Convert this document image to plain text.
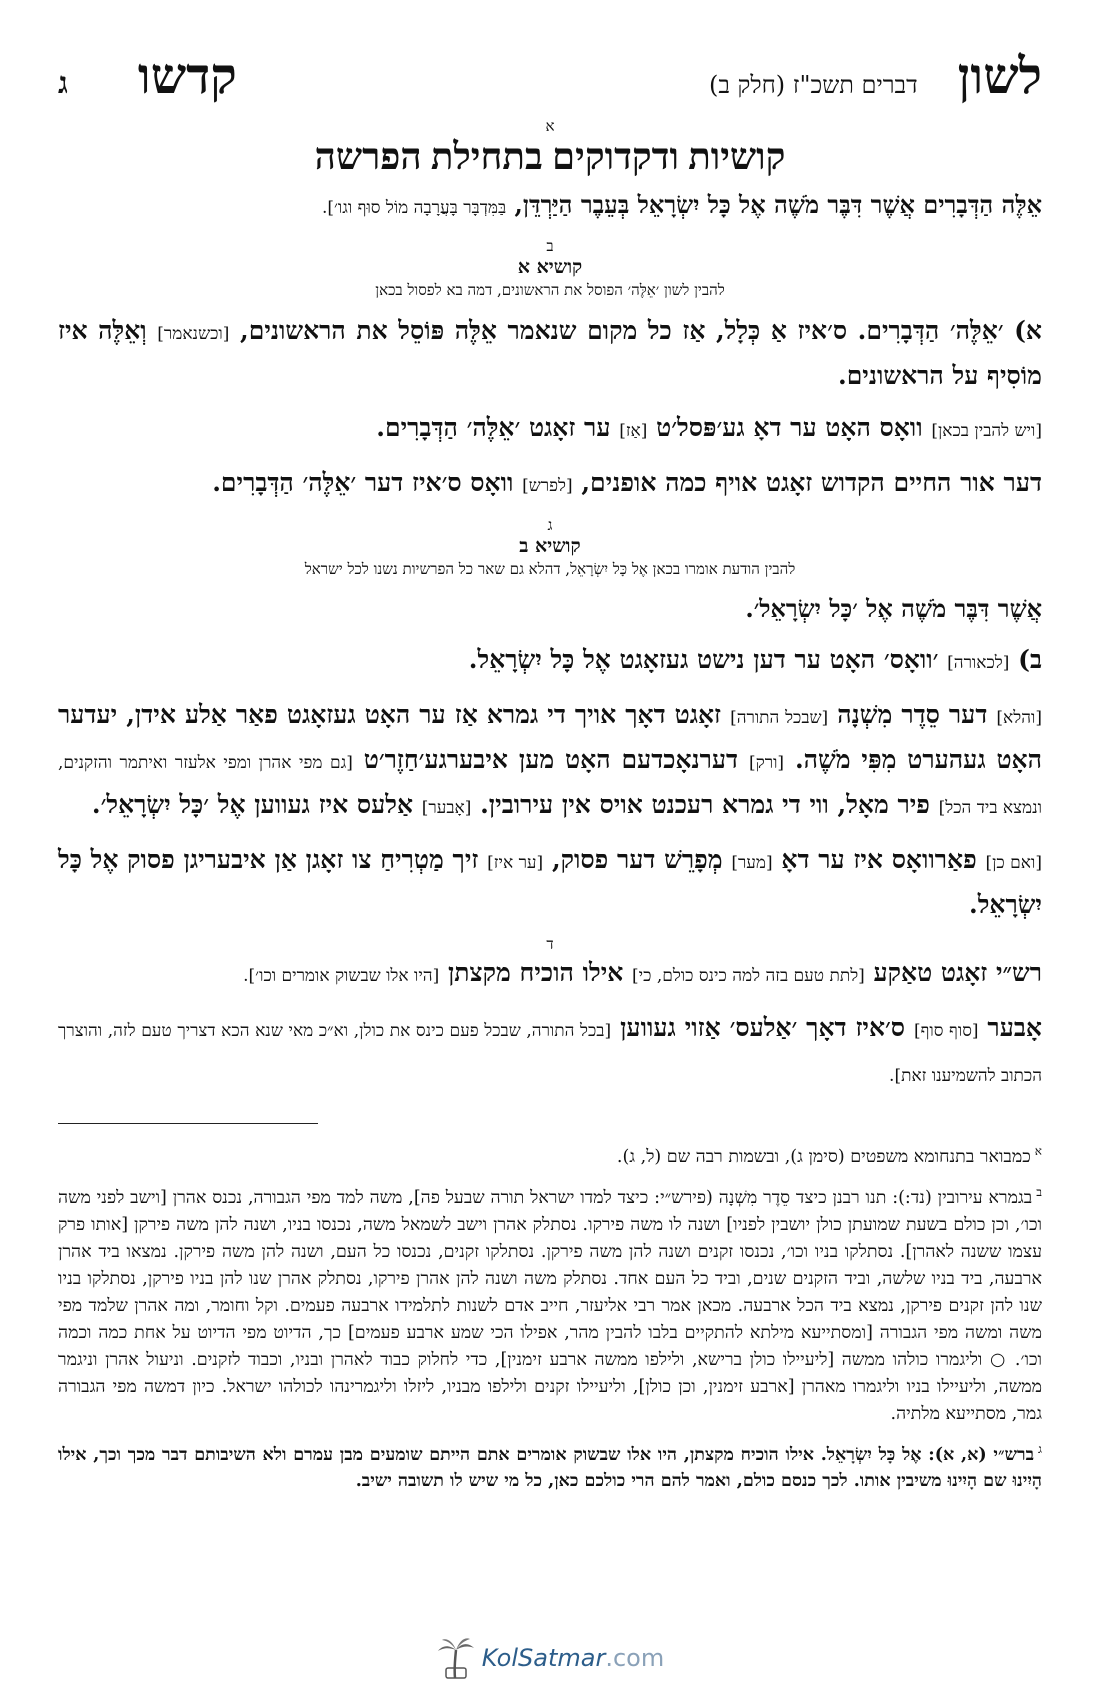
לשון
דברים תשכ"ז (חלק ב)
קדשו
ג
א
קושיות ודקדוקים בתחילת הפרשה

אֵלֶּה הַדְּבָרִים אֲשֶׁר דִּבֶּר מֹשֶׁה אֶל כָּל יִשְׂרָאֵל בְּעֵבֶר הַיַּרְדֵּן, בַּמִּדְבָּר בָּעֲרָבָה מוֹל סוּף וגו׳].

ב
קושיא א
להבין לשון ׳אֵלֶּה׳ הפוסל את הראשונים, דמה בא לפסול בכאן

א) ׳אֵלֶּה׳ הַדְּבָרִים. ס׳איז אַ כְּלָל, אַז כל מקום שנאמר אֵלֶּה פּוֹסֵל את הראשונים, [וכשנאמר] וְאֵלֶּה איז מוֹסִיף על הראשונים.

[ויש להבין בכאן] וואָס האָט ער דאָ גע׳פּסל׳ט [אַז] ער זאָגט ׳אֵלֶּה׳ הַדְּבָרִים.

דער אור החיים הקדוש זאָגט אויף כמה אופנים, [לפרש] וואָס ס׳איז דער ׳אֵלֶּה׳ הַדְּבָרִים.

ג
קושיא ב
להבין הודעת אומרו בכאן אֶל כָּל יִשְׂרָאֵל, דהלא גם שאר כל הפרשיות נשנו לכל ישראל

אֲשֶׁר דִּבֶּר מֹשֶׁה אֶל ׳כָּל יִשְׂרָאֵל׳.

ב) [לכאורה] ׳וואָס׳ האָט ער דען נישט געזאָגט אֶל כָּל יִשְׂרָאֵל.

[והלא] דער סֵדֶר מִשְׁנָה [שבכל התורה] זאָגט דאָך אויך די גמרא אַז ער האָט געזאָגט פאַר אַלע אידן, יעדער האָט געהערט מִפִּי מֹשֶׁה. [ורק] דערנאָכדעם האָט מען איבערגע׳חַזֶר׳ט [גם מפי אהרן ומפי אלעזר ואיתמר והזקנים, ונמצא ביד הכל] פיר מאָל, ווי די גמרא רעכנט אויס אין עירובין. [אָבער] אַלעס איז געווען אֶל ׳כָּל יִשְׂרָאֵל׳.

[ואם כן] פאַרוואָס איז ער דאָ [מער] מְפָרֵשׁ דער פסוק, [ער איז] זיך מַטְרִיחַ צו זאָגן אַן איבעריגן פסוק אֶל כָּל יִשְׂרָאֵל.

ד

רש״י זאָגט טאַקע [לתת טעם בזה למה כינס כולם, כי] אילו הוכיח מקצתן [היו אלו שבשוק אומרים וכו׳].

אָבער [סוף סוף] ס׳איז דאָך ׳אַלעס׳ אַזוי געווען [בכל התורה, שבכל פעם כינס את כולן, וא״כ מאי שנא הכא דצריך טעם לזה, והוצרך הכתוב להשמיענו זאת].

$^א$כמבואר בתנחומא משפטים (סימן ג), ובשמות רבה שם (ל, ג).
$^ב$בגמרא עירובין (נד:): תנו רבנן כיצד סֵדֶר מִשְׁנָה (פירש״י: כיצד למדו ישראל תורה שבעל פה], משה למד מפי הגבורה, נכנס אהרן [וישב לפני משה וכו׳, וכן כולם בשעת שמועתן כולן יושבין לפניו] ושנה לו משה פירקו. נסתלק אהרן וישב לשמאל משה, נכנסו בניו, ושנה להן משה פירקן [אותו פרק עצמו ששנה לאהרן]. נסתלקו בניו וכו׳, נכנסו זקנים ושנה להן משה פירקן. נסתלקו זקנים, נכנסו כל העם, ושנה להן משה פירקן. נמצאו ביד אהרן ארבעה, ביד בניו שלשה, וביד הזקנים שנים, וביד כל העם אחד. נסתלק משה ושנה להן אהרן פירקו, נסתלק אהרן שנו להן בניו פירקן, נסתלקו בניו שנו להן זקנים פירקן, נמצא ביד הכל ארבעה. מכאן אמר רבי אליעזר, חייב אדם לשנות לתלמידו ארבעה פעמים. וקל וחומר, ומה אהרן שלמד מפי משה ומשה מפי הגבורה [ומסתייעא מילתא להתקיים בלבו להבין מהר, אפילו הכי שמע ארבע פעמים] כך, הדיוט מפי הדיוט על אחת כמה וכמה וכו׳. ○ וליגמרו כולהו ממשה [ליעיילו כולן ברישא, ולילפו ממשה ארבע זימנין], כדי לחלוק כבוד לאהרן ובניו, וכבוד לזקנים. וניעול אהרן וניגמר ממשה, וליעיילו בניו וליגמרו מאהרן [ארבע זימנין, וכן כולן], וליעיילו זקנים ולילפו מבניו, ליזלו וליגמרינהו לכולהו ישראל. כיון דמשה מפי הגבורה גמר, מסתייעא מלתיה.
$^ג$ברש״י (א, א): אֶל כָּל יִשְׂרָאֵל. אילו הוכיח מקצתן, היו אלו שבשוק אומרים אתם הייתם שומעים מבן עמרם ולא השיבותם דבר מכך וכך, אילו הָיִינוּ שם הָיִינוּ משיבין אותו. לכך כנסם כולם, ואמר להם הרי כולכם כאן, כל מי שיש לו תשובה ישיב.
KolSatmar.com
